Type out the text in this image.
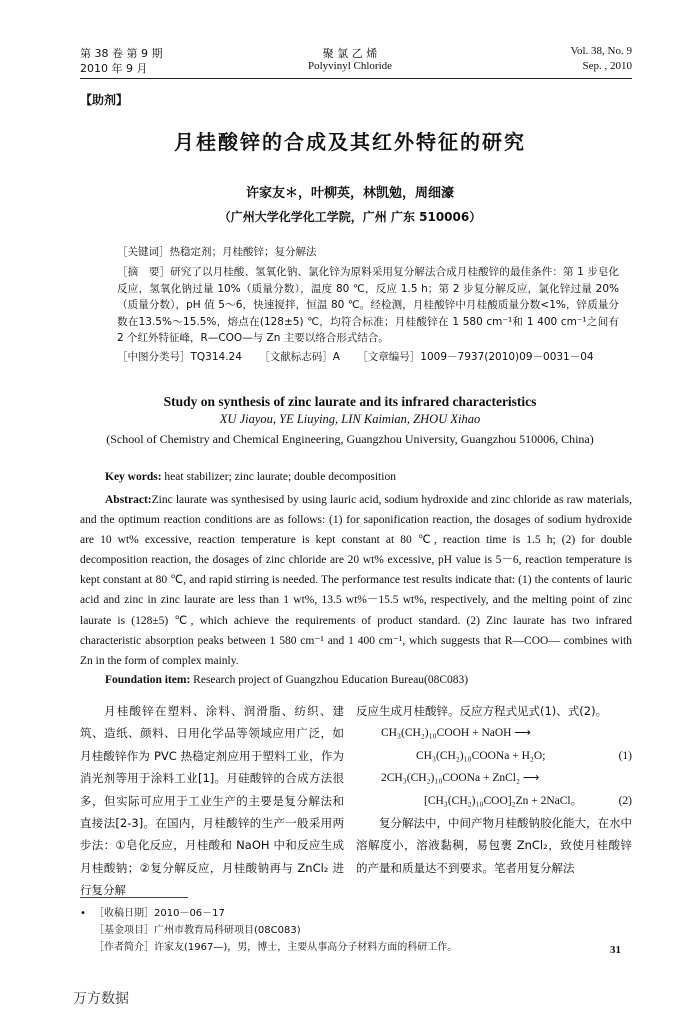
第 38 卷 第 9 期
2010 年 9 月
聚 氯 乙 烯
Polyvinyl Chloride
Vol. 38, No. 9
Sep. , 2010
【助剂】
月桂酸锌的合成及其红外特征的研究
许家友＊，叶柳英，林凯勉，周细濠
（广州大学化学化工学院，广州 广东 510006）
［关键词］热稳定剂；月桂酸锌；复分解法
［摘　要］研究了以月桂酸、氢氧化钠、氯化锌为原料采用复分解法合成月桂酸锌的最佳条件：第 1 步皂化反应，氢氧化钠过量 10%（质量分数），温度 80 ℃，反应 1.5 h；第 2 步复分解反应，氯化锌过量 20%（质量分数），pH 值 5～6，快速搅拌，恒温 80 ℃。经检测，月桂酸锌中月桂酸质量分数<1%，锌质量分数在13.5%～15.5%，熔点在(128±5) ℃，均符合标准；月桂酸锌在 1 580 cm⁻¹和 1 400 cm⁻¹之间有 2 个红外特征峰，R—COO—与 Zn 主要以络合形式结合。
［中图分类号］TQ314.24 ［文献标志码］A ［文章编号］1009－7937(2010)09－0031－04
Study on synthesis of zinc laurate and its infrared characteristics
XU Jiayou, YE Liuying, LIN Kaimian, ZHOU Xihao
(School of Chemistry and Chemical Engineering, Guangzhou University, Guangzhou 510006, China)
Key words: heat stabilizer; zinc laurate; double decomposition
Abstract:Zinc laurate was synthesised by using lauric acid, sodium hydroxide and zinc chloride as raw materials, and the optimum reaction conditions are as follows: (1) for saponification reaction, the dosages of sodium hydroxide are 10 wt% excessive, reaction temperature is kept constant at 80 ℃, reaction time is 1.5 h; (2) for double decomposition reaction, the dosages of zinc chloride are 20 wt% excessive, pH value is 5－6, reaction temperature is kept constant at 80 ℃, and rapid stirring is needed. The performance test results indicate that: (1) the contents of lauric acid and zinc in zinc laurate are less than 1 wt%, 13.5 wt%－15.5 wt%, respectively, and the melting point of zinc laurate is (128±5) ℃, which achieve the requirements of product standard. (2) Zinc laurate has two infrared characteristic absorption peaks between 1 580 cm⁻¹ and 1 400 cm⁻¹, which suggests that R—COO— combines with Zn in the form of complex mainly.
Foundation item: Research project of Guangzhou Education Bureau(08C083)
月桂酸锌在塑料、涂料、润滑脂、纺织、建筑、造纸、颜料、日用化学品等领域应用广泛，如月桂酸锌作为 PVC 热稳定剂应用于塑料工业，作为消光剂等用于涂料工业[1]。月硅酸锌的合成方法很多，但实际可应用于工业生产的主要是复分解法和直接法[2-3]。在国内，月桂酸锌的生产一般采用两步法：①皂化反应，月桂酸和 NaOH 中和反应生成月桂酸钠；②复分解反应，月桂酸钠再与 ZnCl₂ 进行复分解
反应生成月桂酸锌。反应方程式见式(1)、式(2)。
CH₃(CH₂)₁₀COOH + NaOH ⟶
CH₃(CH₂)₁₀COONa + H₂O;	(1)
2CH₃(CH₂)₁₀COONa + ZnCl₂ ⟶
[CH₃(CH₂)₁₀COO]₂Zn + 2NaCl。	(2)
复分解法中，中间产物月桂酸钠胶化能大，在水中溶解度小，溶液黏稠，易包裹 ZnCl₂，致使月桂酸锌的产量和质量达不到要求。笔者用复分解法
• ［收稿日期］2010－06－17
［基金项目］广州市教育局科研项目(08C083)
［作者简介］许家友(1967—)，男，博士，主要从事高分子材料方面的科研工作。	31
万方数据
